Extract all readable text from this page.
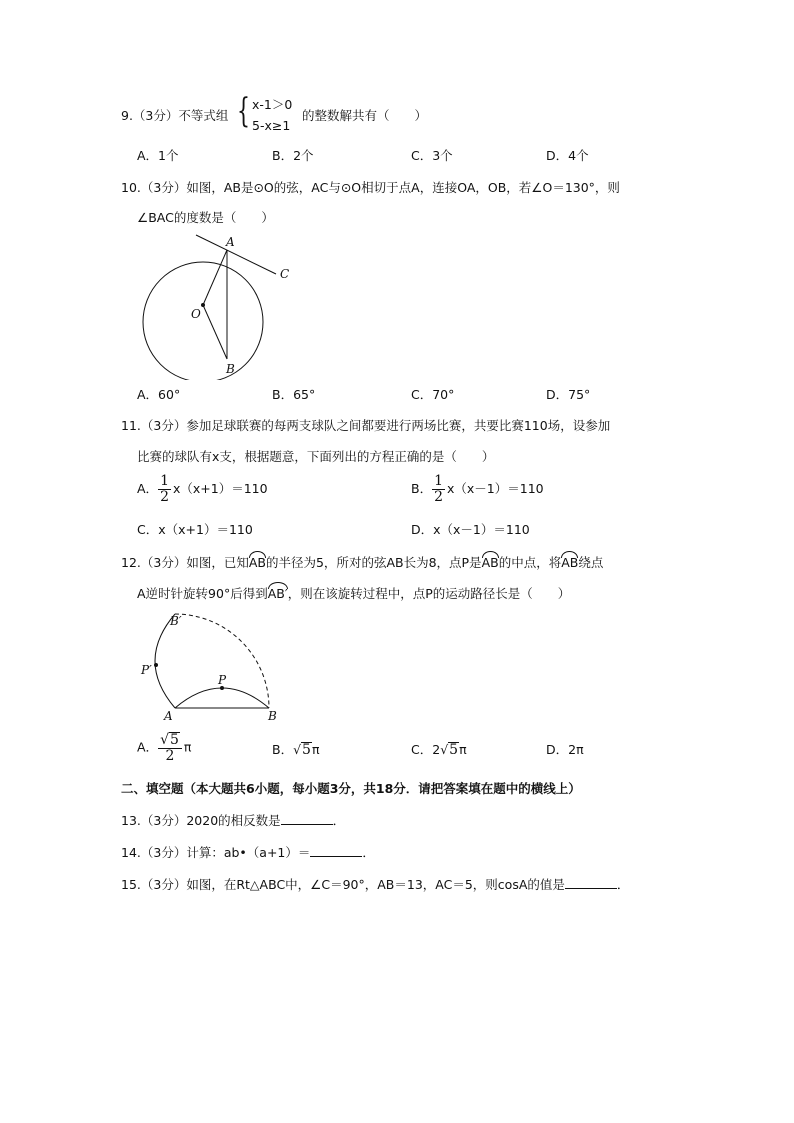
9.（3分）不等式组 { x-1＞0
5-x≥1
的整数解共有（　　）
A．1个	B．2个	C．3个	D．4个
10.（3分）如图，AB是⊙O的弦，AC与⊙O相切于点A，连接OA，OB，若∠O＝130°，则
∠BAC的度数是（　　）
A
C
O
B
A．60°	B．65°	C．70°	D．75°
11.（3分）参加足球联赛的每两支球队之间都要进行两场比赛，共要比赛110场，设参加
比赛的球队有x支，根据题意，下面列出的方程正确的是（　　）
A． $\frac{1}{2} x(x+1)=110$	B． $\frac{1}{2} x(x-1)=110$
C．x（x+1）＝110	D．x（x－1）＝110
12.（3分）如图，已知AB的半径为5，所对的弦AB长为8，点P是AB的中点，将AB绕点
A逆时针旋转90°后得到AB′，则在该旋转过程中，点P的运动路径长是（　　）
B′
P′
P
A	B
A． $\frac{√5}{2}$ π	B．√5π	C．2√5π	D．2π
二、填空题（本大题共6小题，每小题3分，共18分．请把答案填在题中的横线上）
13.（3分）2020的相反数是	．
14.（3分）计算：ab•（a+1）＝	．
15.（3分）如图，在Rt△ABC中，∠C＝90°，AB＝13，AC＝5，则cosA的值是	．
